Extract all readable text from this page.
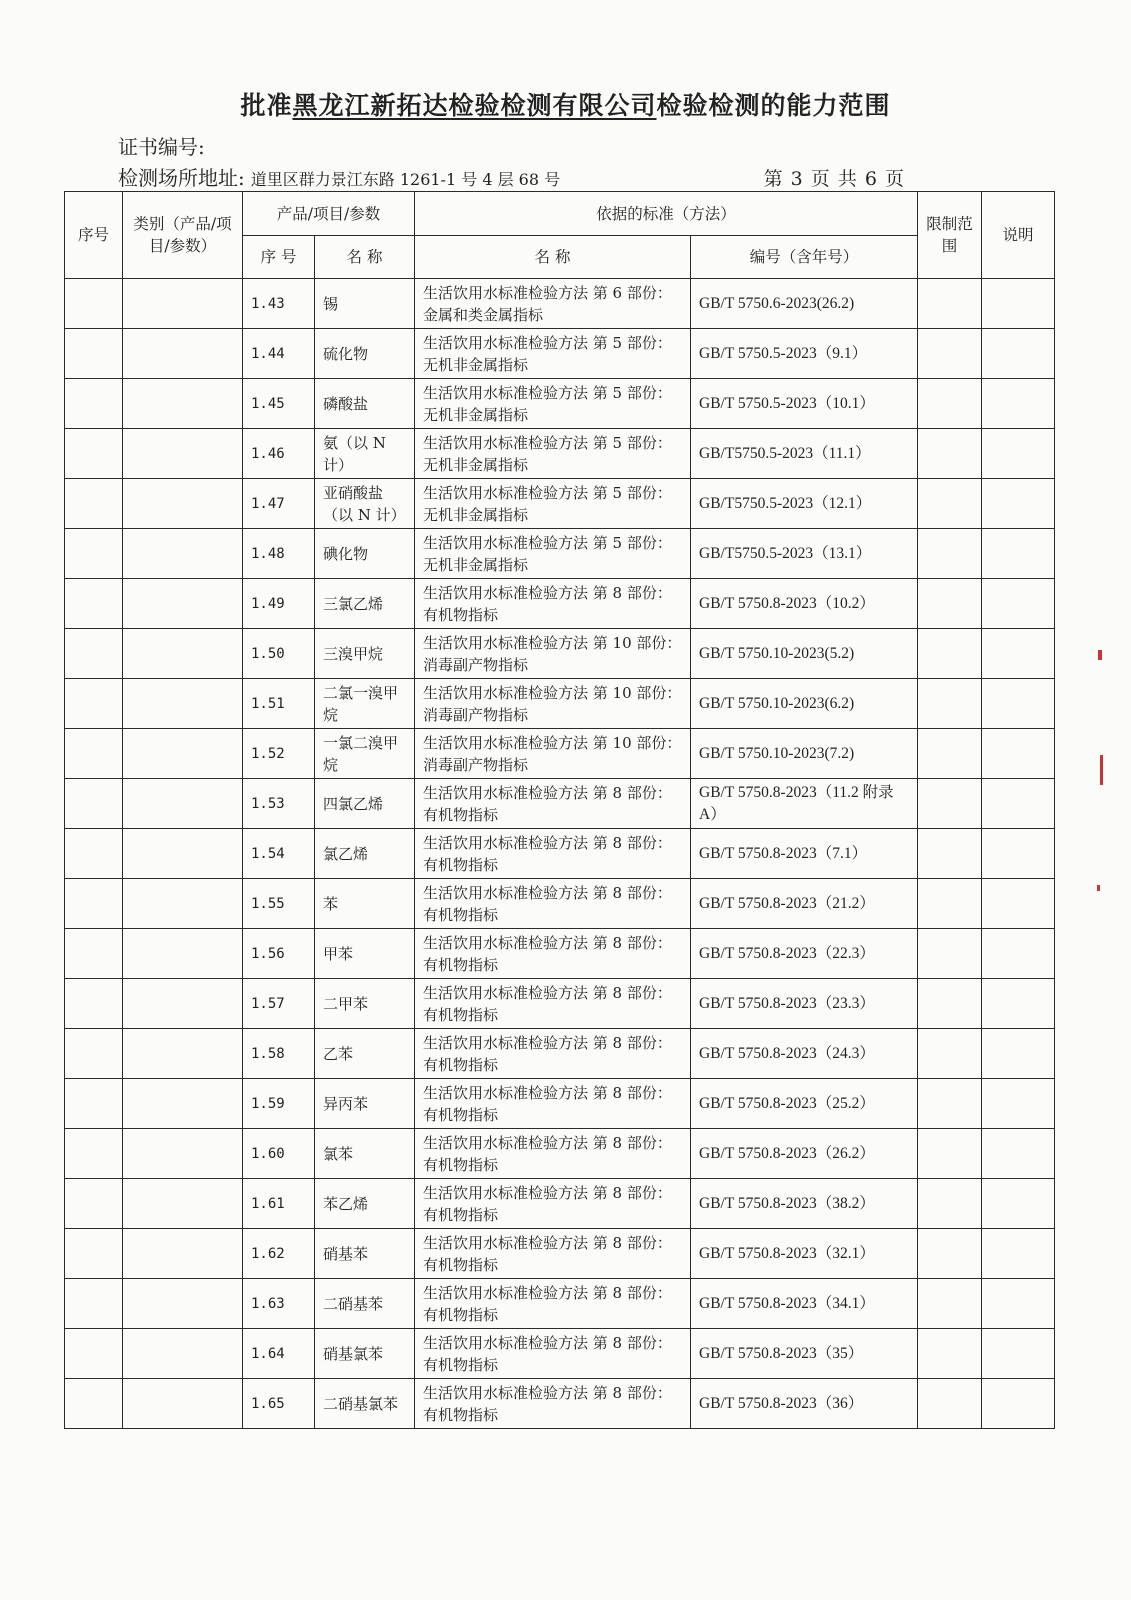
批准黑龙江新拓达检验检测有限公司检验检测的能力范围
证书编号:
检测场所地址: 道里区群力景江东路 1261-1 号 4 层 68 号	第 3 页 共 6 页
序号	类别（产品/项目/参数）	产品/项目/参数		依据的标准（方法）		限制范围	说明
		序 号	名 称	名 称	编号（含年号）		
		1.43	锡	生活饮用水标准检验方法 第 6 部份：金属和类金属指标	GB/T 5750.6-2023(26.2)		
		1.44	硫化物	生活饮用水标准检验方法 第 5 部份：无机非金属指标	GB/T 5750.5-2023（9.1）		
		1.45	磷酸盐	生活饮用水标准检验方法 第 5 部份：无机非金属指标	GB/T 5750.5-2023（10.1）		
		1.46	氨（以 N 计）	生活饮用水标准检验方法 第 5 部份：无机非金属指标	GB/T5750.5-2023（11.1）		
		1.47	亚硝酸盐（以 N 计）	生活饮用水标准检验方法 第 5 部份：无机非金属指标	GB/T5750.5-2023（12.1）		
		1.48	碘化物	生活饮用水标准检验方法 第 5 部份：无机非金属指标	GB/T5750.5-2023（13.1）		
		1.49	三氯乙烯	生活饮用水标准检验方法 第 8 部份：有机物指标	GB/T 5750.8-2023（10.2）		
		1.50	三溴甲烷	生活饮用水标准检验方法 第 10 部份：消毒副产物指标	GB/T 5750.10-2023(5.2)		
		1.51	二氯一溴甲烷	生活饮用水标准检验方法 第 10 部份：消毒副产物指标	GB/T 5750.10-2023(6.2)		
		1.52	一氯二溴甲烷	生活饮用水标准检验方法 第 10 部份：消毒副产物指标	GB/T 5750.10-2023(7.2)		
		1.53	四氯乙烯	生活饮用水标准检验方法 第 8 部份：有机物指标	GB/T 5750.8-2023（11.2 附录 A）		
		1.54	氯乙烯	生活饮用水标准检验方法 第 8 部份：有机物指标	GB/T 5750.8-2023（7.1）		
		1.55	苯	生活饮用水标准检验方法 第 8 部份：有机物指标	GB/T 5750.8-2023（21.2）		
		1.56	甲苯	生活饮用水标准检验方法 第 8 部份：有机物指标	GB/T 5750.8-2023（22.3）		
		1.57	二甲苯	生活饮用水标准检验方法 第 8 部份：有机物指标	GB/T 5750.8-2023（23.3）		
		1.58	乙苯	生活饮用水标准检验方法 第 8 部份：有机物指标	GB/T 5750.8-2023（24.3）		
		1.59	异丙苯	生活饮用水标准检验方法 第 8 部份：有机物指标	GB/T 5750.8-2023（25.2）		
		1.60	氯苯	生活饮用水标准检验方法 第 8 部份：有机物指标	GB/T 5750.8-2023（26.2）		
		1.61	苯乙烯	生活饮用水标准检验方法 第 8 部份：有机物指标	GB/T 5750.8-2023（38.2）		
		1.62	硝基苯	生活饮用水标准检验方法 第 8 部份：有机物指标	GB/T 5750.8-2023（32.1）		
		1.63	二硝基苯	生活饮用水标准检验方法 第 8 部份：有机物指标	GB/T 5750.8-2023（34.1）		
		1.64	硝基氯苯	生活饮用水标准检验方法 第 8 部份：有机物指标	GB/T 5750.8-2023（35）		
		1.65	二硝基氯苯	生活饮用水标准检验方法 第 8 部份：有机物指标	GB/T 5750.8-2023（36）		
